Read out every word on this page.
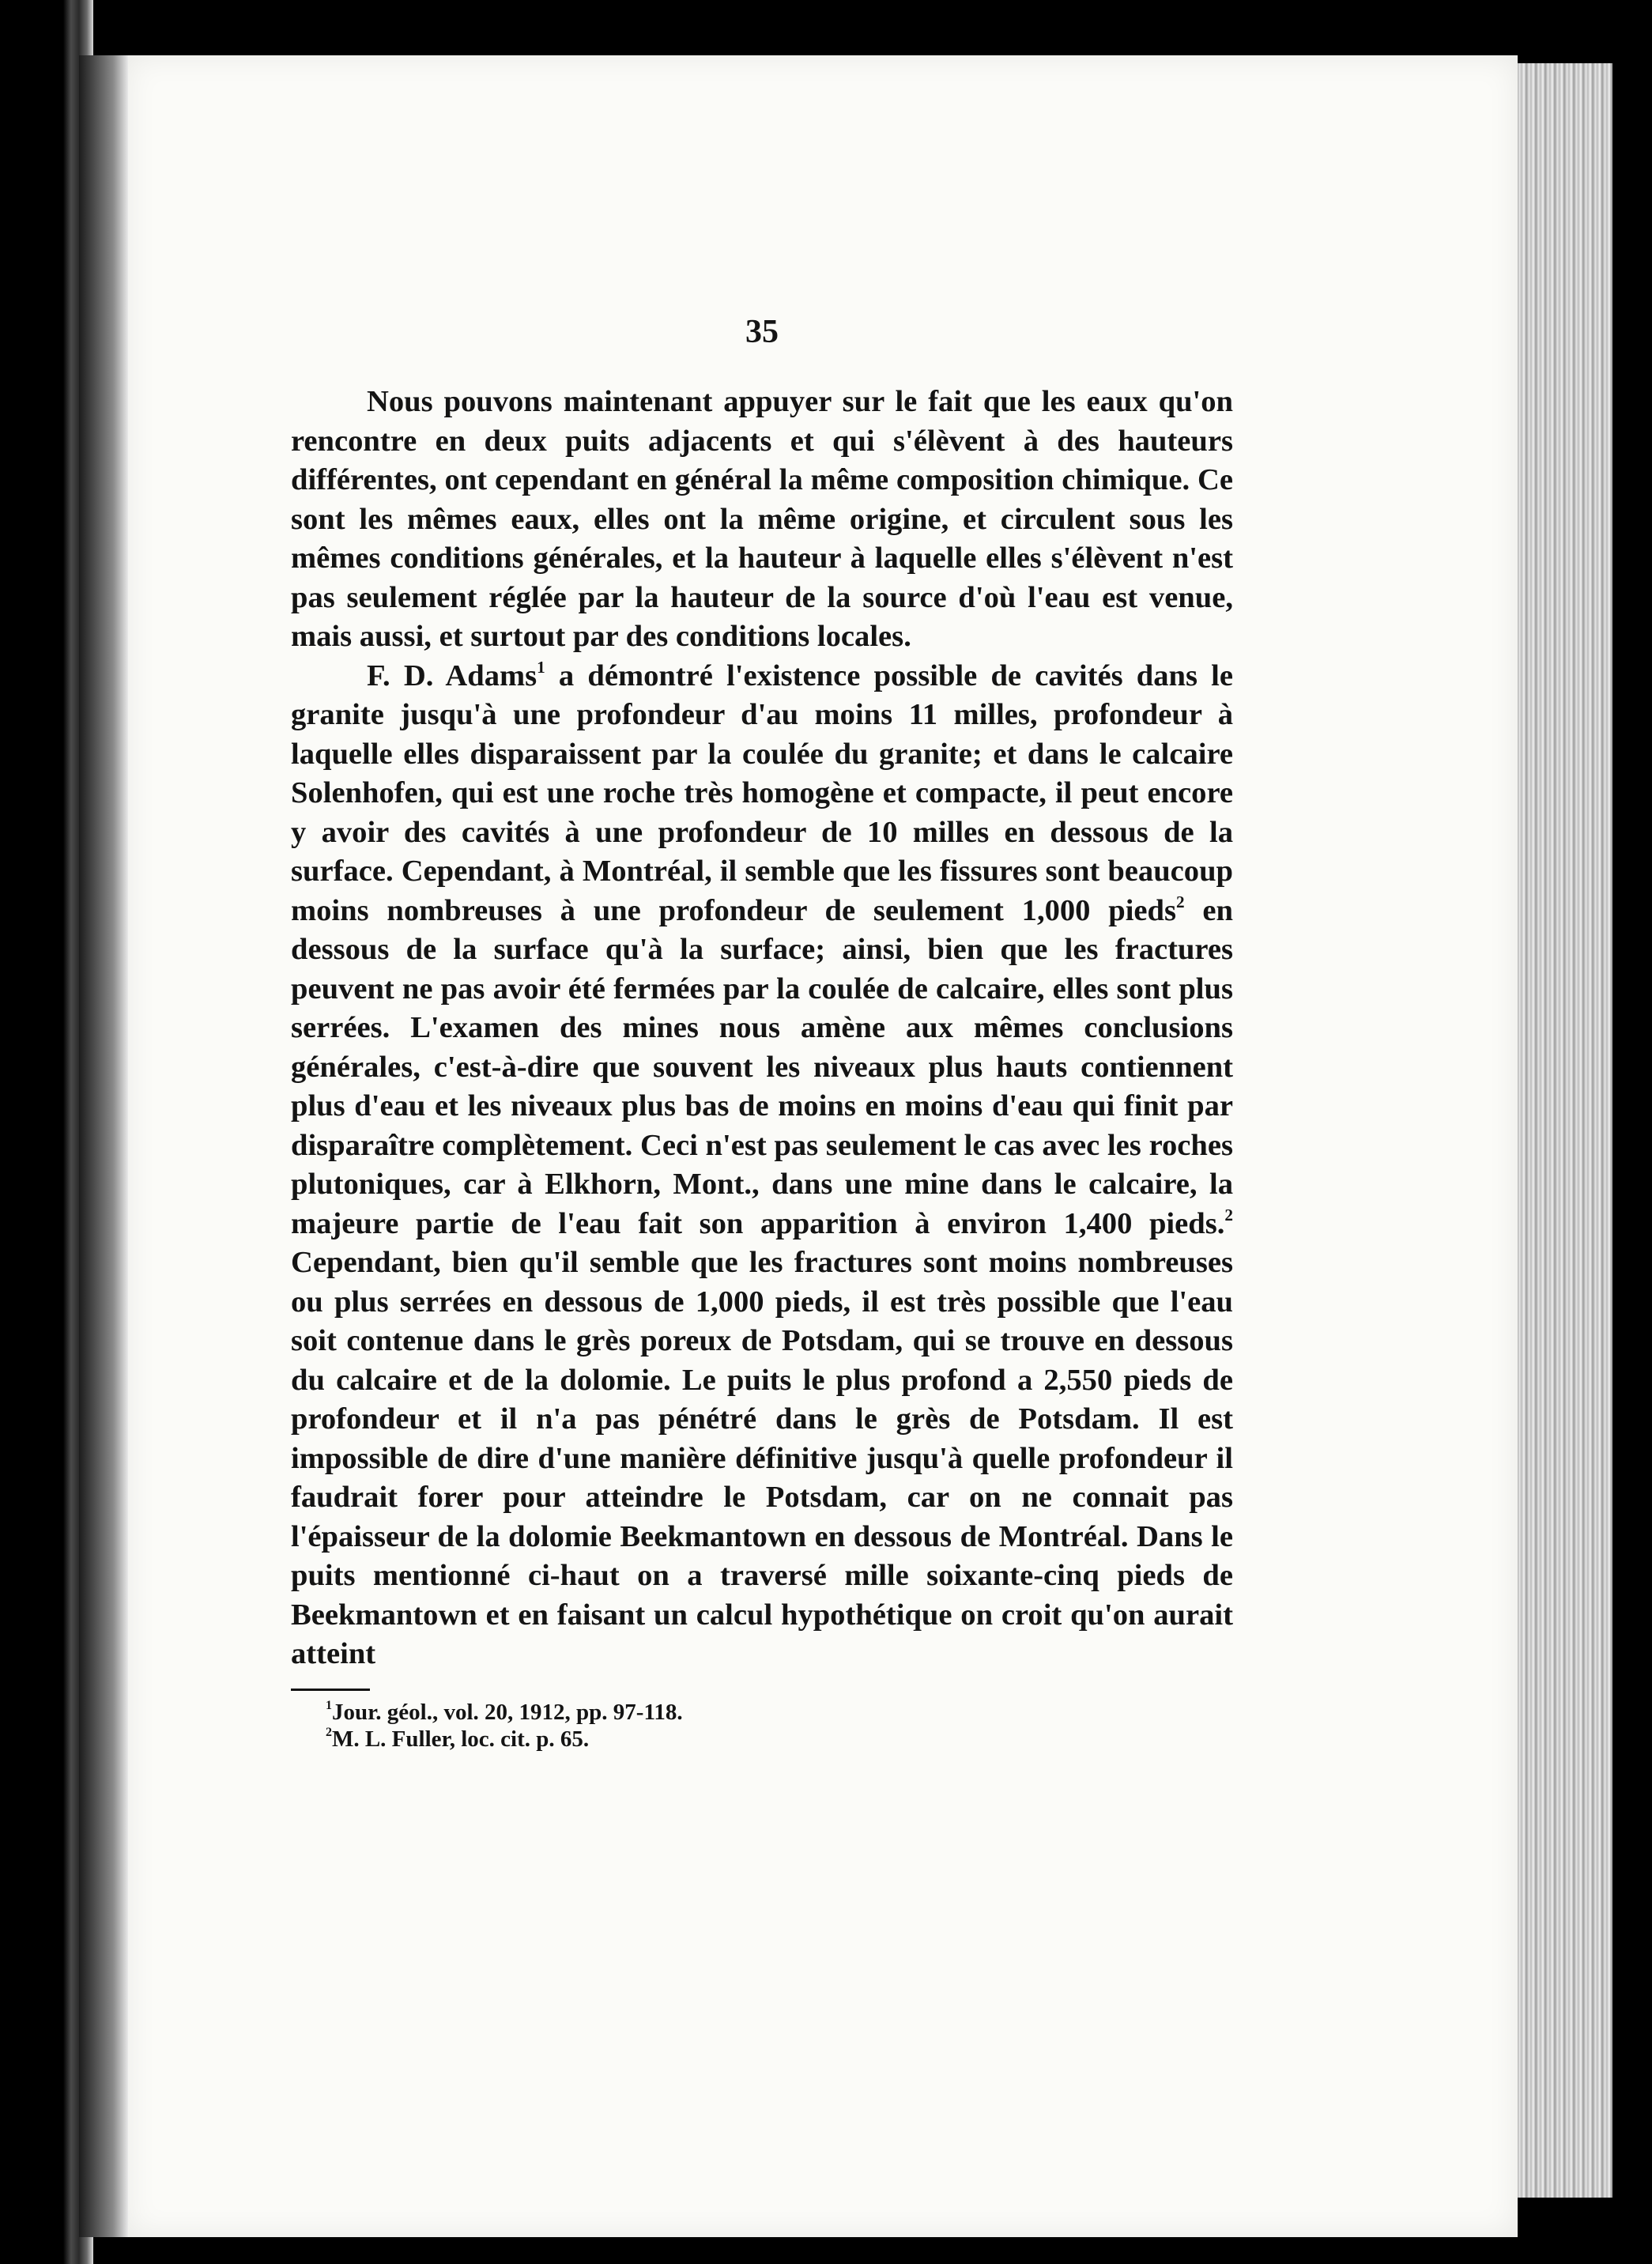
35

Nous pouvons maintenant appuyer sur le fait que les eaux qu'on rencontre en deux puits adjacents et qui s'élèvent à des hauteurs différentes, ont cependant en général la même composition chimique. Ce sont les mêmes eaux, elles ont la même origine, et circulent sous les mêmes conditions générales, et la hauteur à laquelle elles s'élèvent n'est pas seulement réglée par la hauteur de la source d'où l'eau est venue, mais aussi, et surtout par des conditions locales.

F. D. Adams$^1$ a démontré l'existence possible de cavités dans le granite jusqu'à une profondeur d'au moins 11 milles, profondeur à laquelle elles disparaissent par la coulée du granite; et dans le calcaire Solenhofen, qui est une roche très homogène et compacte, il peut encore y avoir des cavités à une profondeur de 10 milles en dessous de la surface. Cependant, à Montréal, il semble que les fissures sont beaucoup moins nombreuses à une profondeur de seulement 1,000 pieds$^2$ en dessous de la surface qu'à la surface; ainsi, bien que les fractures peuvent ne pas avoir été fermées par la coulée de calcaire, elles sont plus serrées. L'examen des mines nous amène aux mêmes conclusions générales, c'est-à-dire que souvent les niveaux plus hauts contiennent plus d'eau et les niveaux plus bas de moins en moins d'eau qui finit par disparaître complètement. Ceci n'est pas seulement le cas avec les roches plutoniques, car à Elkhorn, Mont., dans une mine dans le calcaire, la majeure partie de l'eau fait son apparition à environ 1,400 pieds.$^2$ Cependant, bien qu'il semble que les fractures sont moins nombreuses ou plus serrées en dessous de 1,000 pieds, il est très possible que l'eau soit contenue dans le grès poreux de Potsdam, qui se trouve en dessous du calcaire et de la dolomie. Le puits le plus profond a 2,550 pieds de profondeur et il n'a pas pénétré dans le grès de Potsdam. Il est impossible de dire d'une manière définitive jusqu'à quelle profondeur il faudrait forer pour atteindre le Potsdam, car on ne connait pas l'épaisseur de la dolomie Beekmantown en dessous de Montréal. Dans le puits mentionné ci-haut on a traversé mille soixante-cinq pieds de Beekmantown et en faisant un calcul hypothétique on croit qu'on aurait atteint

$^1$Jour. géol., vol. 20, 1912, pp. 97-118.
$^2$M. L. Fuller, loc. cit. p. 65.
